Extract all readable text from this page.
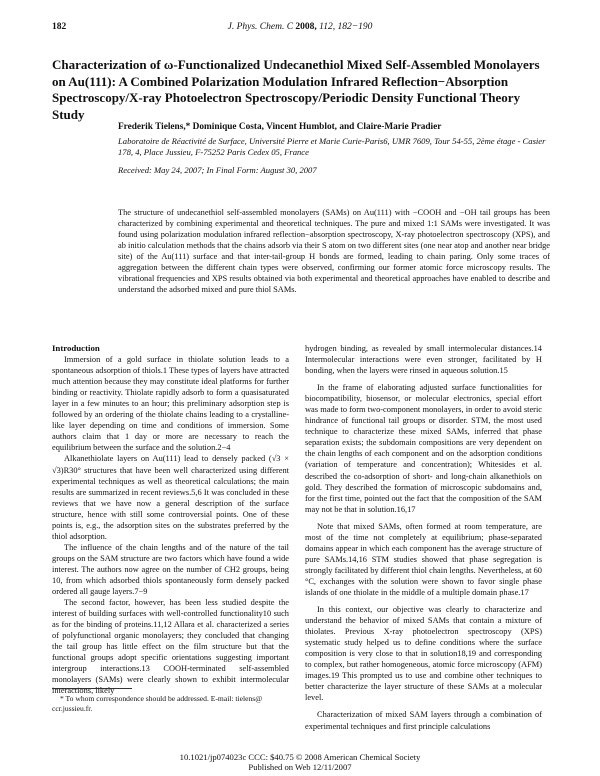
182	J. Phys. Chem. C 2008, 112, 182−190
Characterization of ω-Functionalized Undecanethiol Mixed Self-Assembled Monolayers on Au(111): A Combined Polarization Modulation Infrared Reflection−Absorption Spectroscopy/X-ray Photoelectron Spectroscopy/Periodic Density Functional Theory Study
Frederik Tielens,* Dominique Costa, Vincent Humblot, and Claire-Marie Pradier
Laboratoire de Réactivité de Surface, Université Pierre et Marie Curie-Paris6, UMR 7609, Tour 54-55, 2ème étage - Casier 178, 4, Place Jussieu, F-75252 Paris Cedex 05, France
Received: May 24, 2007; In Final Form: August 30, 2007
The structure of undecanethiol self-assembled monolayers (SAMs) on Au(111) with −COOH and −OH tail groups has been characterized by combining experimental and theoretical techniques. The pure and mixed 1:1 SAMs were investigated. It was found using polarization modulation infrared reflection−absorption spectroscopy, X-ray photoelectron spectroscopy (XPS), and ab initio calculation methods that the chains adsorb via their S atom on two different sites (one near atop and another near bridge site) of the Au(111) surface and that inter-tail-group H bonds are formed, leading to chain paring. Only some traces of aggregation between the different chain types were observed, confirming our former atomic force microscopy results. The vibrational frequencies and XPS results obtained via both experimental and theoretical approaches have enabled to describe and understand the adsorbed mixed and pure thiol SAMs.

Introduction

Immersion of a gold surface in thiolate solution leads to a spontaneous adsorption of thiols.1 These types of layers have attracted much attention because they may constitute ideal platforms for further binding or reactivity. Thiolate rapidly adsorb to form a quasisaturated layer in a few minutes to an hour; this preliminary adsorption step is followed by an ordering of the thiolate chains leading to a crystalline-like layer depending on time and conditions of immersion. Some authors claim that 1 day or more are necessary to reach the equilibrium between the surface and the solution.2−4

Alkanethiolate layers on Au(111) lead to densely packed (√3 × √3)R30° structures that have been well characterized using different experimental techniques as well as theoretical calculations; the main results are summarized in recent reviews.5,6 It was concluded in these reviews that we have now a general description of the surface structure, hence with still some controversial points. One of these points is, e.g., the adsorption sites on the substrates preferred by the thiol adsorption.

The influence of the chain lengths and of the nature of the tail groups on the SAM structure are two factors which have found a wide interest. The authors now agree on the number of CH2 groups, being 10, from which adsorbed thiols spontaneously form densely packed ordered all gauge layers.7−9

The second factor, however, has been less studied despite the interest of building surfaces with well-controlled functionality10 such as for the binding of proteins.11,12 Allara et al. characterized a series of polyfunctional organic monolayers; they concluded that changing the tail group has little effect on the film structure but that the functional groups adopt specific orientations suggesting important intergroup interactions.13 COOH-terminated self-assembled monolayers (SAMs) were clearly shown to exhibit intermolecular interactions, likely

hydrogen binding, as revealed by small intermolecular distances.14 Intermolecular interactions were even stronger, facilitated by H bonding, when the layers were rinsed in aqueous solution.15

In the frame of elaborating adjusted surface functionalities for biocompatibility, biosensor, or molecular electronics, special effort was made to form two-component monolayers, in order to avoid steric hindrance of functional tail groups or disorder. STM, the most used technique to characterize these mixed SAMs, inferred that phase separation exists; the subdomain compositions are very dependent on the chain lengths of each component and on the adsorption conditions (variation of temperature and concentration); Whitesides et al. described the co-adsorption of short- and long-chain alkanethiols on gold. They described the formation of microscopic subdomains and, for the first time, pointed out the fact that the composition of the SAM may not be that in solution.16,17

Note that mixed SAMs, often formed at room temperature, are most of the time not completely at equilibrium; phase-separated domains appear in which each component has the average structure of pure SAMs.14,16 STM studies showed that phase segregation is strongly facilitated by different thiol chain lengths. Nevertheless, at 60 °C, exchanges with the solution were shown to favor single phase islands of one thiolate in the middle of a multiple domain phase.17

In this context, our objective was clearly to characterize and understand the behavior of mixed SAMs that contain a mixture of thiolates. Previous X-ray photoelectron spectroscopy (XPS) systematic study helped us to define conditions where the surface composition is very close to that in solution18,19 and corresponding to complex, but rather homogeneous, atomic force microscopy (AFM) images.19 This prompted us to use and combine other techniques to better characterize the layer structure of these SAMs at a molecular level.

Characterization of mixed SAM layers through a combination of experimental techniques and first principle calculations

* To whom correspondence should be addressed. E-mail: tielens@
ccr.jussieu.fr.
10.1021/jp074023c CCC: $40.75 © 2008 American Chemical Society
Published on Web 12/11/2007
